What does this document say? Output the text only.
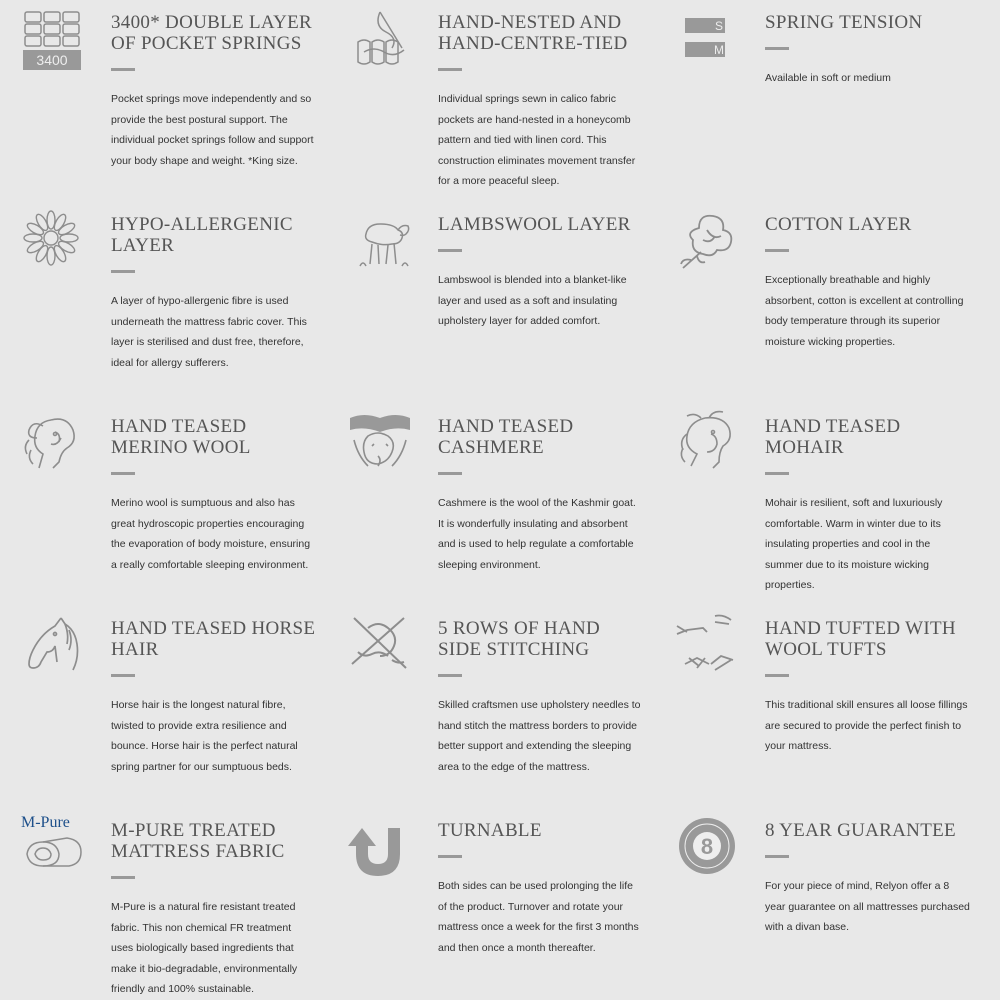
3400
3400* DOUBLE LAYER
OF POCKET SPRINGS
Pocket springs move independently and so provide the best postural support. The individual pocket springs follow and support your body shape and weight. *King size.
HAND-NESTED AND
HAND-CENTRE-TIED
Individual springs sewn in calico fabric pockets are hand-nested in a honeycomb pattern and tied with linen cord. This construction eliminates movement transfer for a more peaceful sleep.
S
M
SPRING TENSION
Available in soft or medium
HYPO-ALLERGENIC
LAYER
A layer of hypo-allergenic fibre is used underneath the mattress fabric cover. This layer is sterilised and dust free, therefore, ideal for allergy sufferers.
LAMBSWOOL LAYER
Lambswool is blended into a blanket-like layer and used as a soft and insulating upholstery layer for added comfort.
COTTON LAYER
Exceptionally breathable and highly absorbent, cotton is excellent at controlling body temperature through its superior moisture wicking properties.
HAND TEASED
MERINO WOOL
Merino wool is sumptuous and also has great hydroscopic properties encouraging the evaporation of body moisture, ensuring a really comfortable sleeping environment.
HAND TEASED
CASHMERE
Cashmere is the wool of the Kashmir goat. It is wonderfully insulating and absorbent and is used to help regulate a comfortable sleeping environment.
HAND TEASED
MOHAIR
Mohair is resilient, soft and luxuriously comfortable. Warm in winter due to its insulating properties and cool in the summer due to its moisture wicking properties.
HAND TEASED HORSE
HAIR
Horse hair is the longest natural fibre, twisted to provide extra resilience and bounce. Horse hair is the perfect natural spring partner for our sumptuous beds.
5 ROWS OF HAND
SIDE STITCHING
Skilled craftsmen use upholstery needles to hand stitch the mattress borders to provide better support and extending the sleeping area to the edge of the mattress.
HAND TUFTED WITH
WOOL TUFTS
This traditional skill ensures all loose fillings are secured to provide the perfect finish to your mattress.
M-Pure M-PURE TREATED
MATTRESS FABRIC
M-Pure is a natural fire resistant treated fabric. This non chemical FR treatment uses biologically based ingredients that make it bio-degradable, environmentally friendly and 100% sustainable.
TURNABLE
Both sides can be used prolonging the life of the product. Turnover and rotate your mattress once a week for the first 3 months and then once a month thereafter.
8
8 YEAR GUARANTEE
For your piece of mind, Relyon offer a 8 year guarantee on all mattresses purchased with a divan base.
